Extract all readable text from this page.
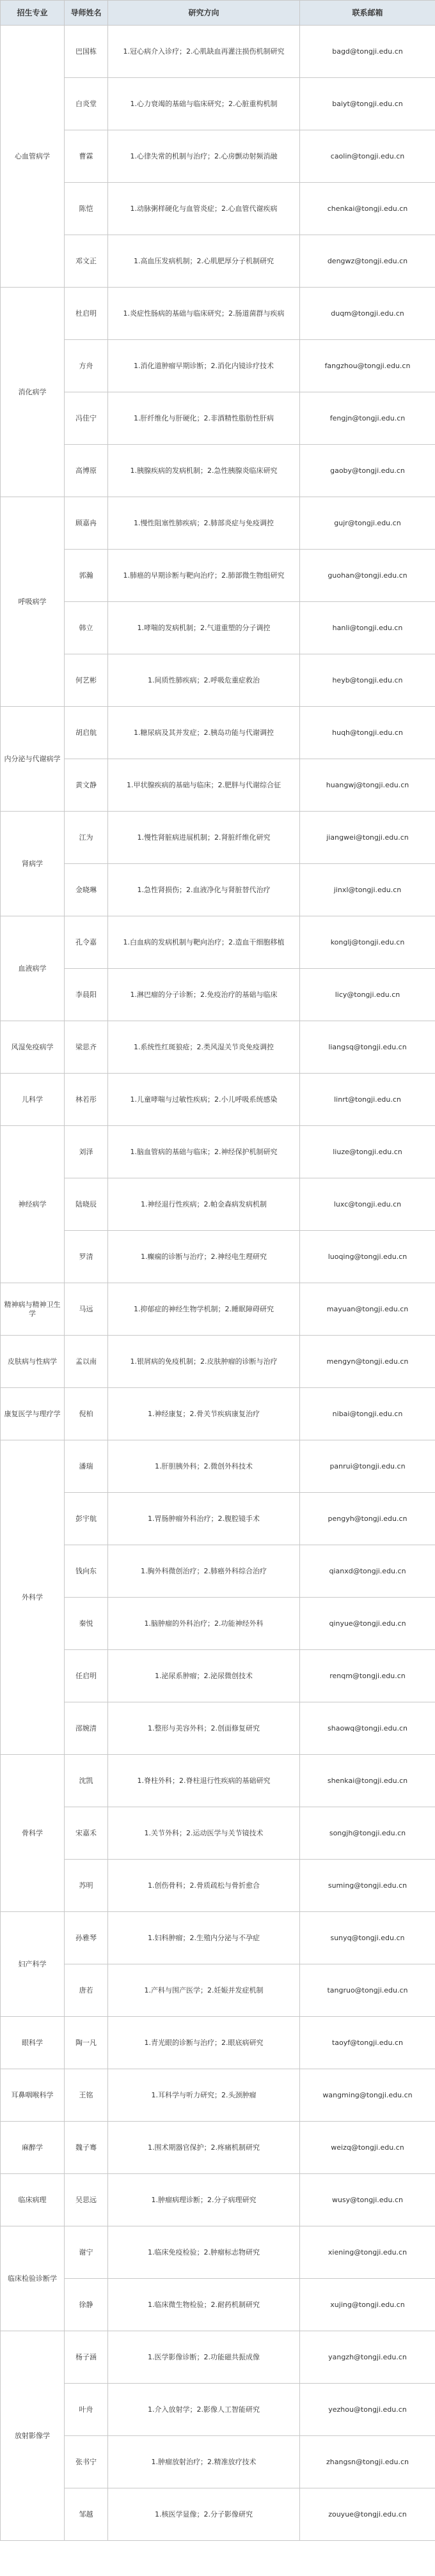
招生专业	导师姓名	研究方向	联系邮箱
心血管病学	巴国栋	1.冠心病介入诊疗；2.心肌缺血再灌注损伤机制研究	bagd@tongji.edu.cn
	白炎堂	1.心力衰竭的基础与临床研究；2.心脏重构机制	baiyt@tongji.edu.cn
	曹霖	1.心律失常的机制与治疗；2.心房颤动射频消融	caolin@tongji.edu.cn
	陈恺	1.动脉粥样硬化与血管炎症；2.心血管代谢疾病	chenkai@tongji.edu.cn
	邓文正	1.高血压发病机制；2.心肌肥厚分子机制研究	dengwz@tongji.edu.cn
消化病学	杜启明	1.炎症性肠病的基础与临床研究；2.肠道菌群与疾病	duqm@tongji.edu.cn
	方舟	1.消化道肿瘤早期诊断；2.消化内镜诊疗技术	fangzhou@tongji.edu.cn
	冯佳宁	1.肝纤维化与肝硬化；2.非酒精性脂肪性肝病	fengjn@tongji.edu.cn
	高博原	1.胰腺疾病的发病机制；2.急性胰腺炎临床研究	gaoby@tongji.edu.cn
呼吸病学	顾嘉冉	1.慢性阻塞性肺疾病；2.肺部炎症与免疫调控	gujr@tongji.edu.cn
	郭瀚	1.肺癌的早期诊断与靶向治疗；2.肺部微生物组研究	guohan@tongji.edu.cn
	韩立	1.哮喘的发病机制；2.气道重塑的分子调控	hanli@tongji.edu.cn
	何艺彬	1.间质性肺疾病；2.呼吸危重症救治	heyb@tongji.edu.cn
内分泌与代谢病学	胡启航	1.糖尿病及其并发症；2.胰岛功能与代谢调控	huqh@tongji.edu.cn
	黄文静	1.甲状腺疾病的基础与临床；2.肥胖与代谢综合征	huangwj@tongji.edu.cn
肾病学	江为	1.慢性肾脏病进展机制；2.肾脏纤维化研究	jiangwei@tongji.edu.cn
	金晓琳	1.急性肾损伤；2.血液净化与肾脏替代治疗	jinxl@tongji.edu.cn
血液病学	孔令嘉	1.白血病的发病机制与靶向治疗；2.造血干细胞移植	konglj@tongji.edu.cn
	李晨阳	1.淋巴瘤的分子诊断；2.免疫治疗的基础与临床	licy@tongji.edu.cn
风湿免疫病学	梁思齐	1.系统性红斑狼疮；2.类风湿关节炎免疫调控	liangsq@tongji.edu.cn
儿科学	林若彤	1.儿童哮喘与过敏性疾病；2.小儿呼吸系统感染	linrt@tongji.edu.cn
神经病学	刘泽	1.脑血管病的基础与临床；2.神经保护机制研究	liuze@tongji.edu.cn
	陆晓辰	1.神经退行性疾病；2.帕金森病发病机制	luxc@tongji.edu.cn
	罗清	1.癫痫的诊断与治疗；2.神经电生理研究	luoqing@tongji.edu.cn
精神病与精神卫生学	马远	1.抑郁症的神经生物学机制；2.睡眠障碍研究	mayuan@tongji.edu.cn
皮肤病与性病学	孟以南	1.银屑病的免疫机制；2.皮肤肿瘤的诊断与治疗	mengyn@tongji.edu.cn
康复医学与理疗学	倪柏	1.神经康复；2.骨关节疾病康复治疗	nibai@tongji.edu.cn
外科学	潘瑞	1.肝胆胰外科；2.微创外科技术	panrui@tongji.edu.cn
	彭宇航	1.胃肠肿瘤外科治疗；2.腹腔镜手术	pengyh@tongji.edu.cn
	钱向东	1.胸外科微创治疗；2.肺癌外科综合治疗	qianxd@tongji.edu.cn
	秦悦	1.脑肿瘤的外科治疗；2.功能神经外科	qinyue@tongji.edu.cn
	任启明	1.泌尿系肿瘤；2.泌尿微创技术	renqm@tongji.edu.cn
	邵婉清	1.整形与美容外科；2.创面修复研究	shaowq@tongji.edu.cn
骨科学	沈凯	1.脊柱外科；2.脊柱退行性疾病的基础研究	shenkai@tongji.edu.cn
	宋嘉禾	1.关节外科；2.运动医学与关节镜技术	songjh@tongji.edu.cn
	苏明	1.创伤骨科；2.骨质疏松与骨折愈合	suming@tongji.edu.cn
妇产科学	孙雅琴	1.妇科肿瘤；2.生殖内分泌与不孕症	sunyq@tongji.edu.cn
	唐若	1.产科与围产医学；2.妊娠并发症机制	tangruo@tongji.edu.cn
眼科学	陶一凡	1.青光眼的诊断与治疗；2.眼底病研究	taoyf@tongji.edu.cn
耳鼻咽喉科学	王铭	1.耳科学与听力研究；2.头颈肿瘤	wangming@tongji.edu.cn
麻醉学	魏子骞	1.围术期器官保护；2.疼痛机制研究	weizq@tongji.edu.cn
临床病理	吴思远	1.肿瘤病理诊断；2.分子病理研究	wusy@tongji.edu.cn
临床检验诊断学	谢宁	1.临床免疫检验；2.肿瘤标志物研究	xiening@tongji.edu.cn
	徐静	1.临床微生物检验；2.耐药机制研究	xujing@tongji.edu.cn
放射影像学	杨子涵	1.医学影像诊断；2.功能磁共振成像	yangzh@tongji.edu.cn
	叶舟	1.介入放射学；2.影像人工智能研究	yezhou@tongji.edu.cn
	张书宁	1.肿瘤放射治疗；2.精准放疗技术	zhangsn@tongji.edu.cn
	邹越	1.核医学显像；2.分子影像研究	zouyue@tongji.edu.cn
